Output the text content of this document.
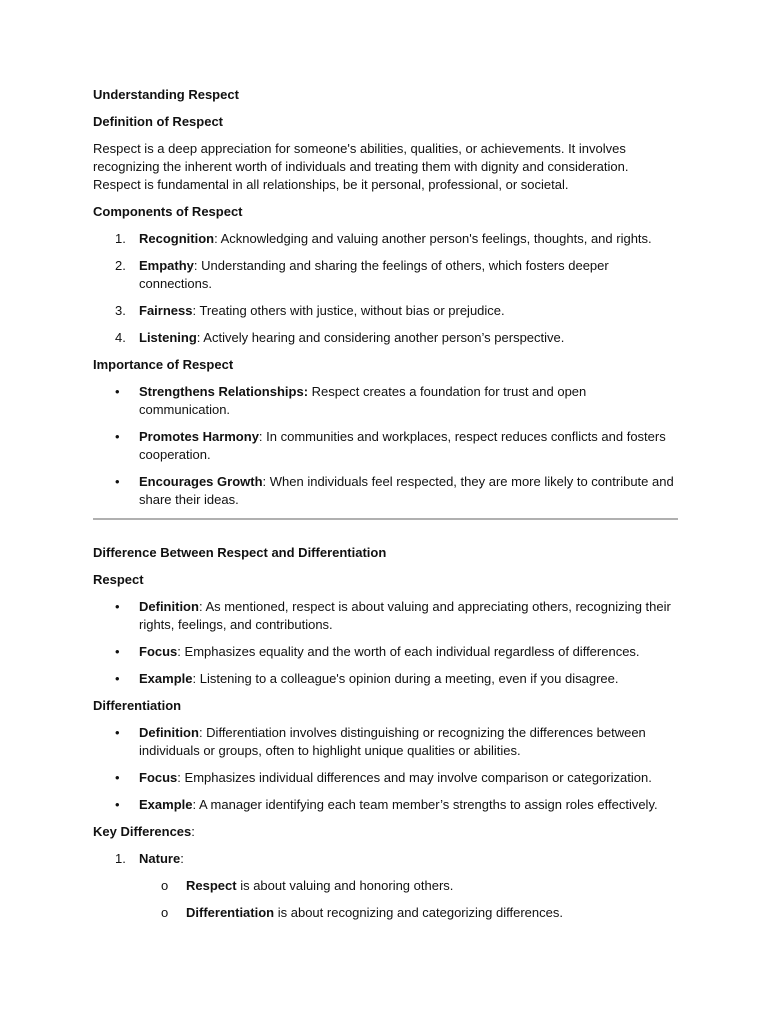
Understanding Respect
Definition of Respect
Respect is a deep appreciation for someone's abilities, qualities, or achievements. It involves recognizing the inherent worth of individuals and treating them with dignity and consideration. Respect is fundamental in all relationships, be it personal, professional, or societal.
Components of Respect
1. Recognition: Acknowledging and valuing another person's feelings, thoughts, and rights.
2. Empathy: Understanding and sharing the feelings of others, which fosters deeper connections.
3. Fairness: Treating others with justice, without bias or prejudice.
4. Listening: Actively hearing and considering another person’s perspective.
Importance of Respect
• Strengthens Relationships: Respect creates a foundation for trust and open communication.
• Promotes Harmony: In communities and workplaces, respect reduces conflicts and fosters cooperation.
• Encourages Growth: When individuals feel respected, they are more likely to contribute and share their ideas.
Difference Between Respect and Differentiation
Respect
• Definition: As mentioned, respect is about valuing and appreciating others, recognizing their rights, feelings, and contributions.
• Focus: Emphasizes equality and the worth of each individual regardless of differences.
• Example: Listening to a colleague's opinion during a meeting, even if you disagree.
Differentiation
• Definition: Differentiation involves distinguishing or recognizing the differences between individuals or groups, often to highlight unique qualities or abilities.
• Focus: Emphasizes individual differences and may involve comparison or categorization.
• Example: A manager identifying each team member’s strengths to assign roles effectively.
Key Differences:
1. Nature:
o Respect is about valuing and honoring others.
o Differentiation is about recognizing and categorizing differences.
